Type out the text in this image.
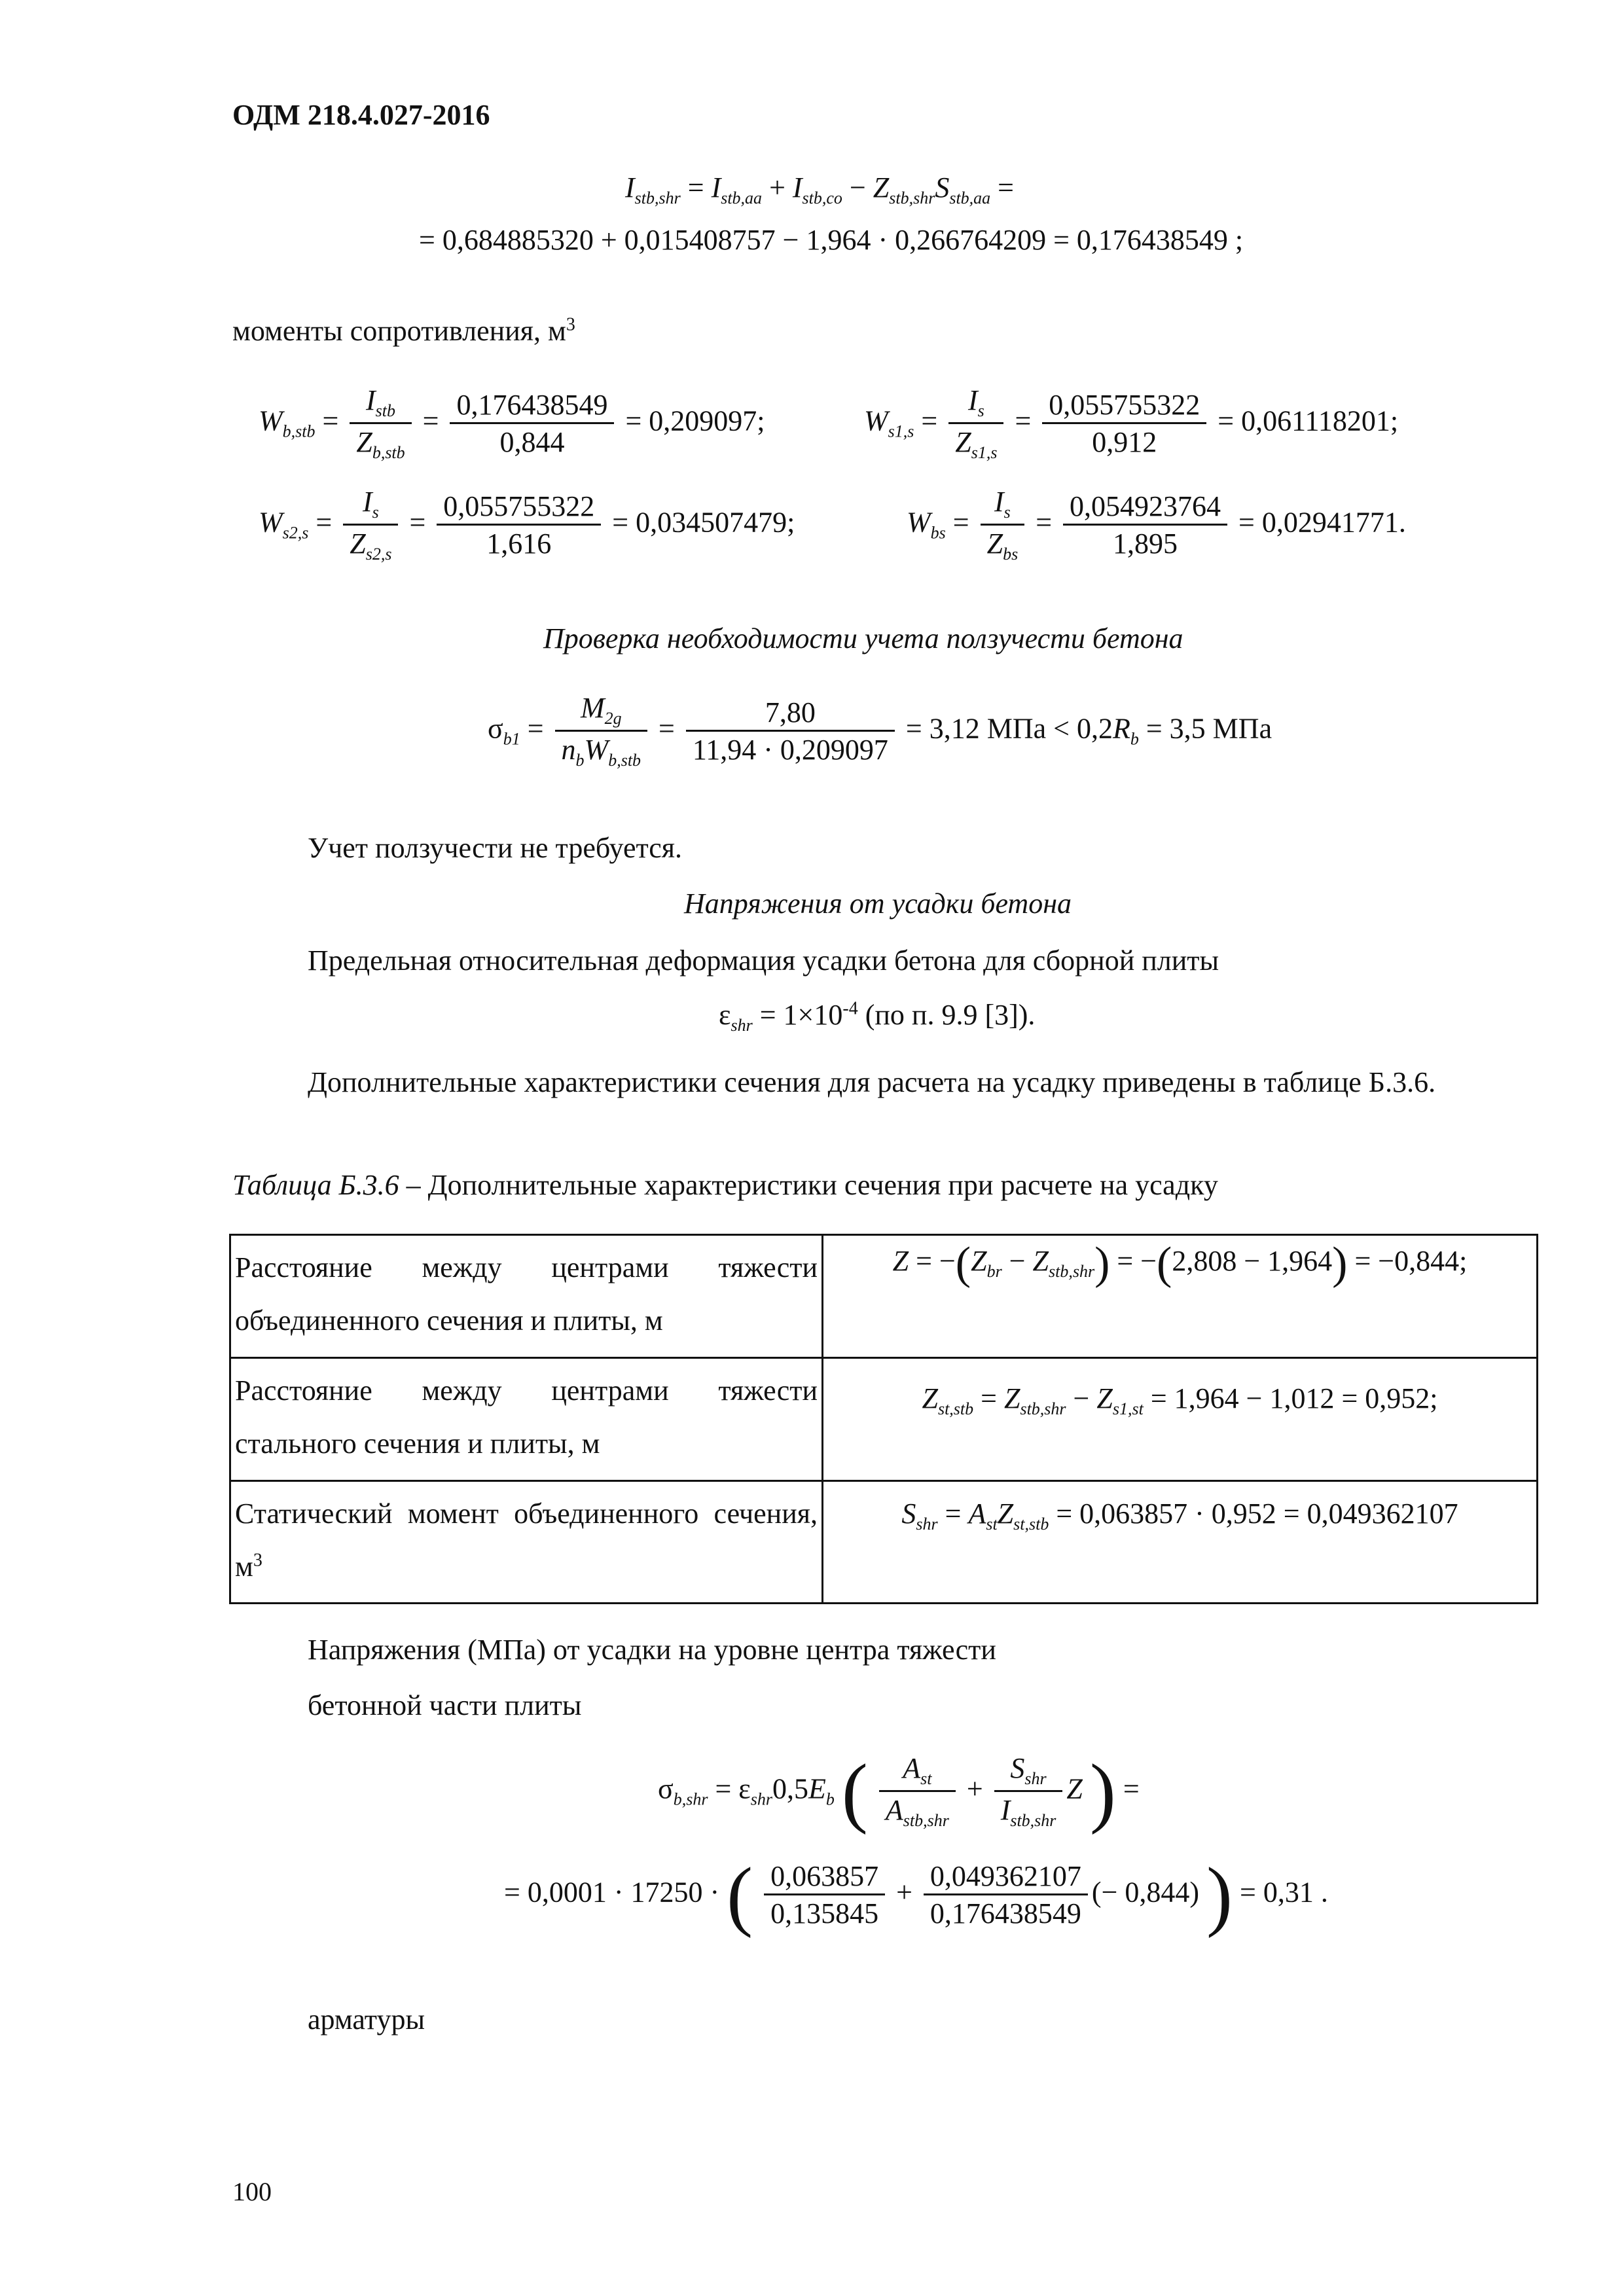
ОДМ 218.4.027-2016
$I_{stb,shr} = I_{stb,aa} + I_{stb,co} - Z_{stb,shr}S_{stb,aa}$ =
= 0,684885320 + 0,015408757 − 1,964 · 0,266764209 = 0,176438549 ;
моменты сопротивления, $м^3$
$W_{b,stb} = \frac{I_{stb}}{Z_{b,stb}} = \frac{0,176438549}{0,844} = 0,209097$;	$W_{s1,s} = \frac{I_s}{Z_{s1,s}} = \frac{0,055755322}{0,912} = 0,061118201$;
$W_{s2,s} = \frac{I_s}{Z_{s2,s}} = \frac{0,055755322}{1,616} = 0,034507479$;	$W_{bs} = \frac{I_s}{Z_{bs}} = \frac{0,054923764}{1,895} = 0,02941771$.
Проверка необходимости учета ползучести бетона
$\sigma_{b1} = \frac{M_{2g}}{n_bW_{b,stb}} = \frac{7,80}{11,94 \cdot 0,209097} = 3,12$ МПа < $0,2R_b = 3,5$ МПа
Учет ползучести не требуется.
Напряжения от усадки бетона
Предельная относительная деформация усадки бетона для сборной плиты
$\varepsilon_{shr} = 1\times 10^{-4}$ (по п. 9.9 [3]).
Дополнительные характеристики сечения для расчета на усадку приведены в таблице Б.3.6.
Таблица Б.3.6 – Дополнительные характеристики сечения при расчете на усадку
Расстояние между центрами тяжести объединенного сечения и плиты, м	$Z = -(Z_{br} - Z_{stb,shr}) = -(2,808 - 1,964) = -0,844$;
Расстояние между центрами тяжести стального сечения и плиты, м	$Z_{st,stb} = Z_{stb,shr} - Z_{s1,st} = 1,964 - 1,012 = 0,952$;
Статический момент объединенного сечения, $м^3$	$S_{shr} = A_{st}Z_{st,stb} = 0,063857 \cdot 0,952 = 0,049362107$
Напряжения (МПа) от усадки на уровне центра тяжести
бетонной части плиты
$\sigma_{b,shr} = \varepsilon_{shr}0,5E_b$ ( $\frac{A_{st}}{A_{stb,shr}} + \frac{S_{shr}}{I_{stb,shr}}$ Z ) =
= 0,0001 · 17250 · ( $\frac{0,063857}{0,135845} + \frac{0,049362107}{0,176438549}$ (− 0,844) ) = 0,31 .
арматуры
100
